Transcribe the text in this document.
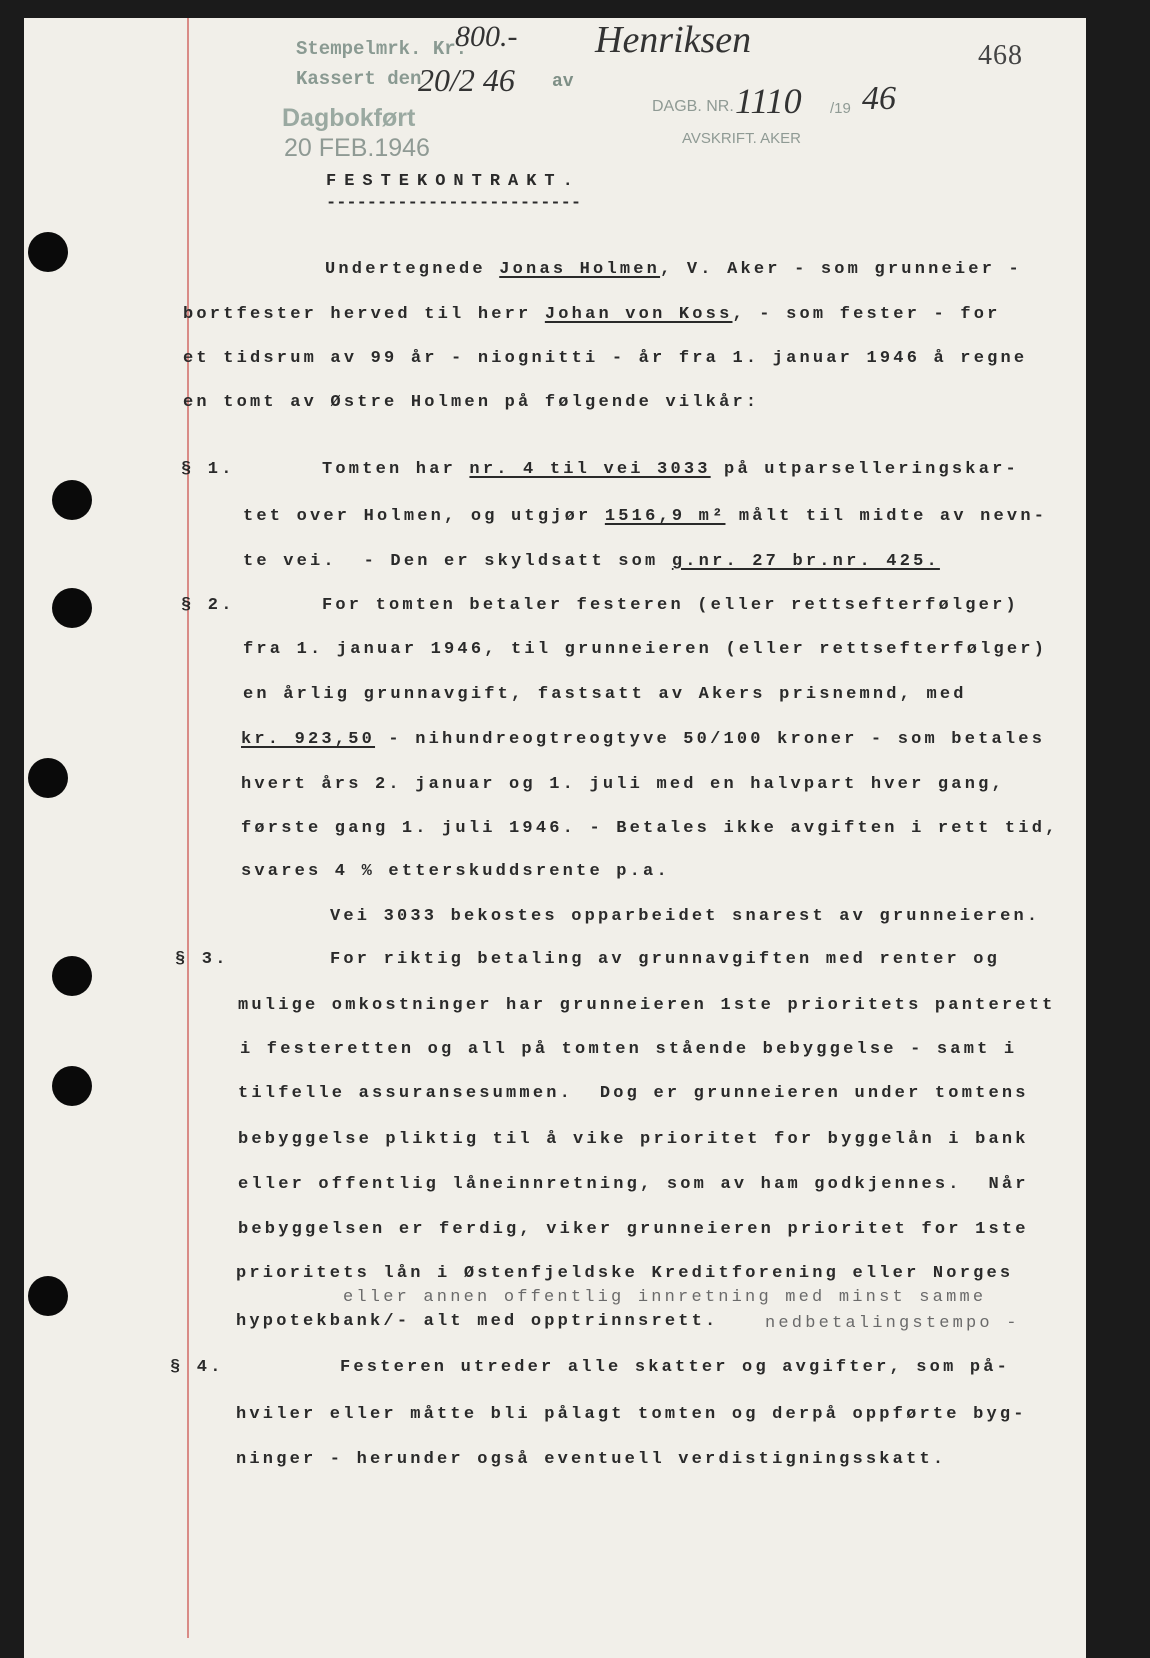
Stempelmrk. Kr.
Kassert den
800.-
20/2 46 av
Henriksen
Dagbokført
20 FEB.1946
DAGB. NR. 1110 /19 46
AVSKRIFT. AKER
468
FESTEKONTRAKT.
-------------------------
Undertegnede Jonas Holmen, V. Aker - som grunneier -
bortfester herved til herr Johan von Koss, - som fester - for
et tidsrum av 99 år - niognitti - år fra 1. januar 1946 å regne
en tomt av Østre Holmen på følgende vilkår:
§ 1.	Tomten har nr. 4 til vei 3033 på utparselleringskar-
tet over Holmen, og utgjør 1516,9 m² målt til midte av nevn-
te vei.  - Den er skyldsatt som g.nr. 27 br.nr. 425.
§ 2.	For tomten betaler festeren (eller rettsefterfølger)
fra 1. januar 1946, til grunneieren (eller rettsefterfølger)
en årlig grunnavgift, fastsatt av Akers prisnemnd, med
kr. 923,50 - nihundreogtreogtyve 50/100 kroner - som betales
hvert års 2. januar og 1. juli med en halvpart hver gang,
første gang 1. juli 1946. - Betales ikke avgiften i rett tid,
svares 4 % etterskuddsrente p.a.
Vei 3033 bekostes opparbeidet snarest av grunneieren.
§ 3.	For riktig betaling av grunnavgiften med renter og
mulige omkostninger har grunneieren 1ste prioritets panterett
i festeretten og all på tomten stående bebyggelse - samt i
tilfelle assuransesummen.  Dog er grunneieren under tomtens
bebyggelse pliktig til å vike prioritet for byggelån i bank
eller offentlig låneinnretning, som av ham godkjennes.  Når
bebyggelsen er ferdig, viker grunneieren prioritet for 1ste
prioritets lån i Østenfjeldske Kreditforening eller Norges
eller annen offentlig innretning med minst samme
hypotekbank/- alt med opptrinnsrett.	nedbetalingstempo -
§ 4.	Festeren utreder alle skatter og avgifter, som på-
hviler eller måtte bli pålagt tomten og derpå oppførte byg-
ninger - herunder også eventuell verdistigningsskatt.
